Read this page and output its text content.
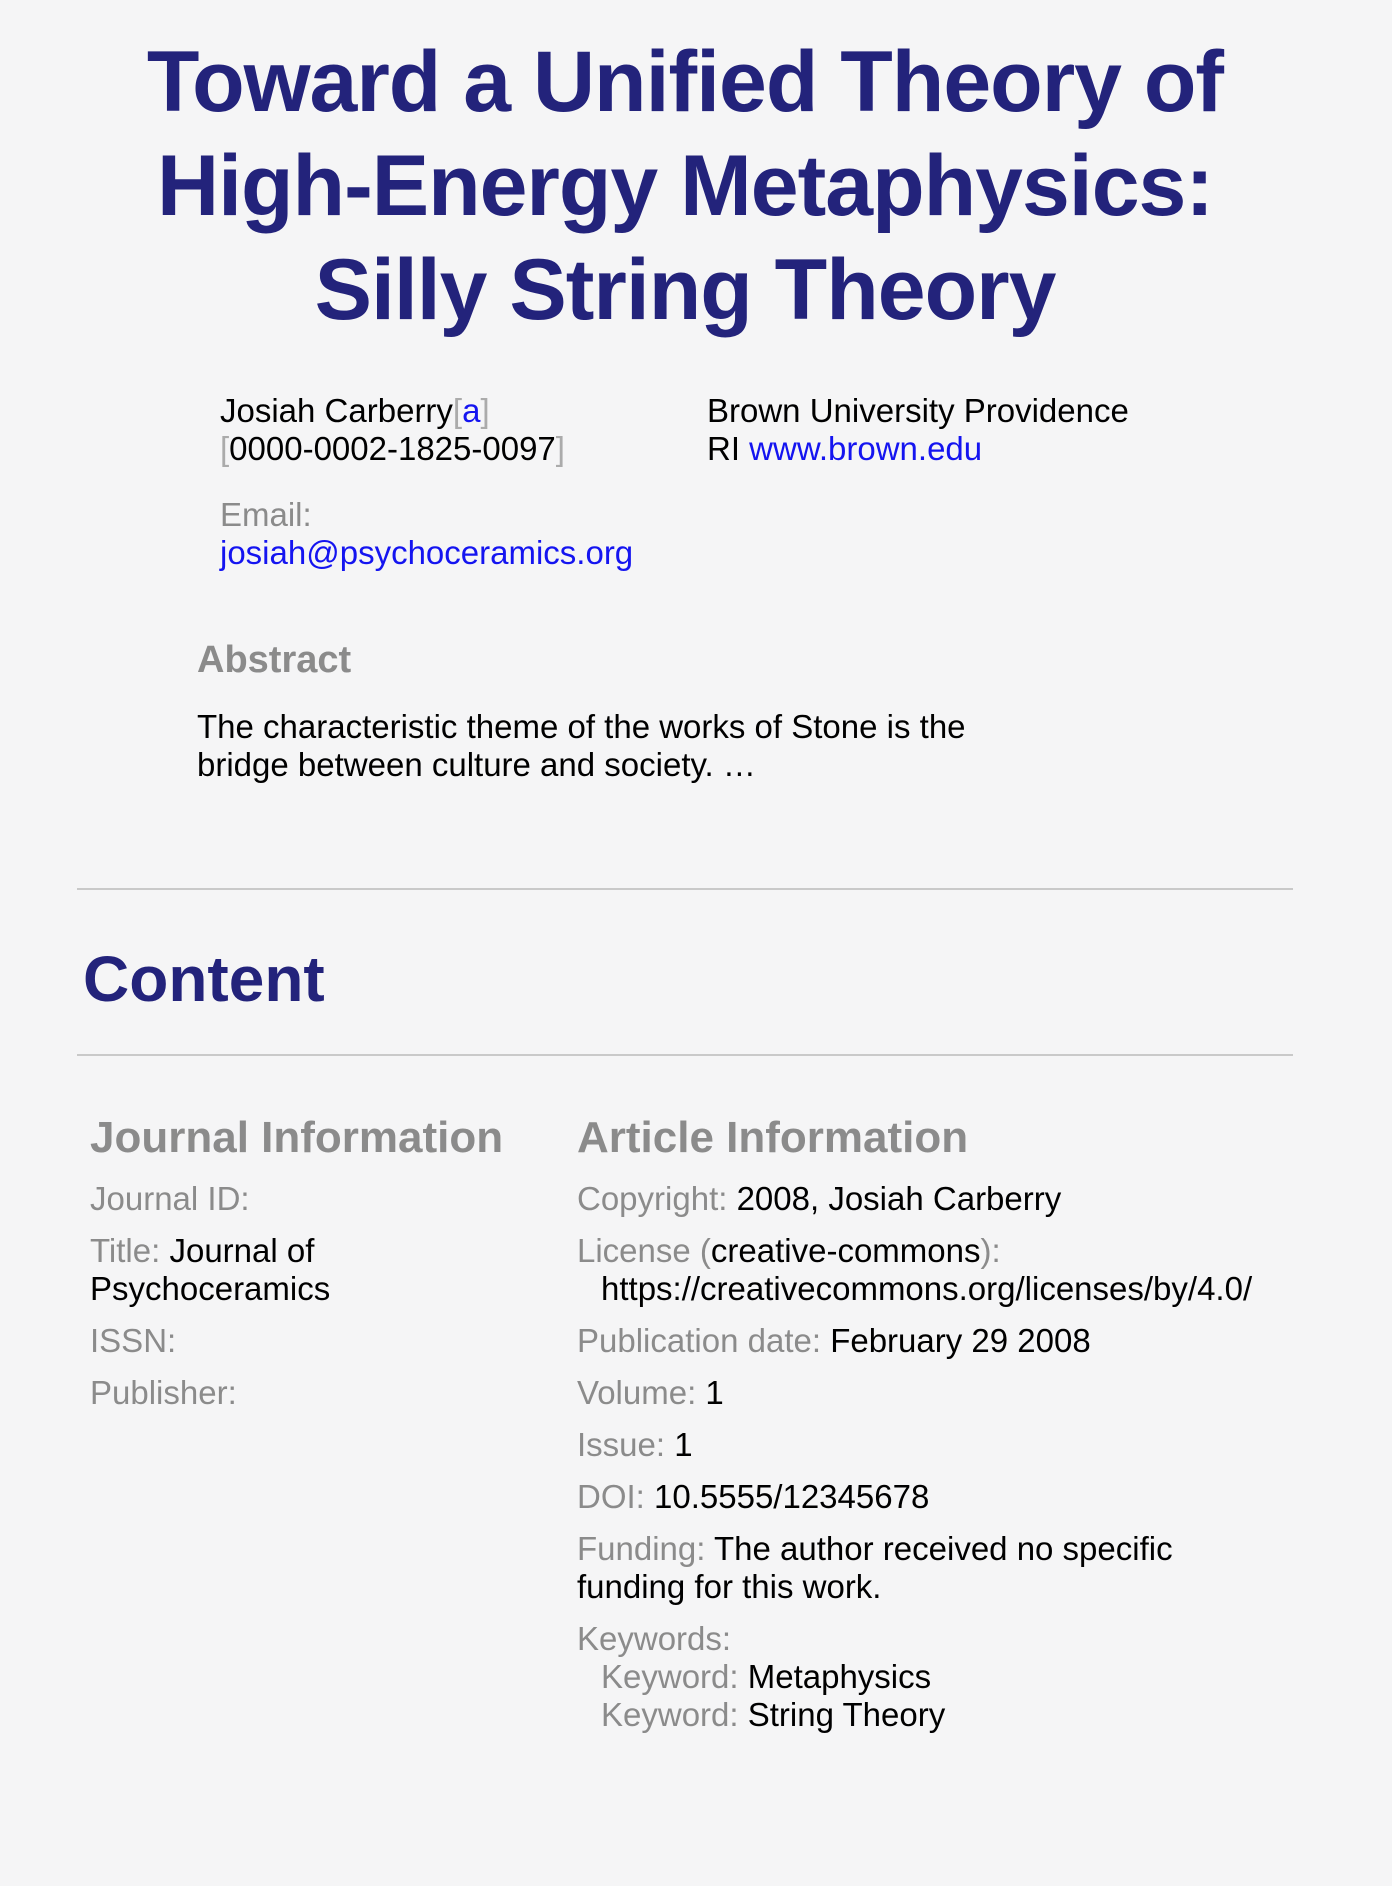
Toward a Unified Theory of
High-Energy Metaphysics:
Silly String Theory

Josiah Carberry[a] [0000-0002-1825-0097]

Email:
josiah@psychoceramics.org

Brown University Providence RI www.brown.edu

Abstract

The characteristic theme of the works of Stone is the bridge between culture and society. …

Content
Journal Information

Journal ID:

Title: Journal of Psychoceramics

ISSN:

Publisher:

Article Information

Copyright: 2008, Josiah Carberry

License (creative-commons):
https://creativecommons.org/licenses/by/4.0/

Publication date: February 29 2008

Volume: 1

Issue: 1

DOI: 10.5555/12345678

Funding: The author received no specific funding for this work.

Keywords:
Keyword: Metaphysics
Keyword: String Theory
